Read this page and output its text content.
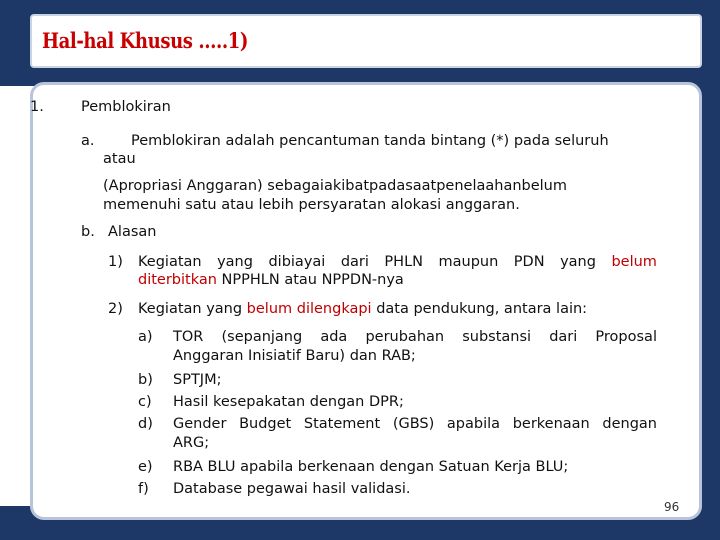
Hal-hal Khusus …..1)
1.	Pemblokiran
a.	Pemblokiran adalah pencantuman tanda bintang (*) pada seluruh
atau
(Apropriasi Anggaran) sebagaiakibatpadasaatpenelaahanbelum
memenuhi satu atau lebih persyaratan alokasi anggaran.
b. Alasan
1) Kegiatan yang dibiayai dari PHLN maupun PDN yang belum
diterbitkan NPPHLN atau NPPDN-nya
2) Kegiatan yang belum dilengkapi data pendukung, antara lain:
a) TOR (sepanjang ada perubahan substansi dari Proposal
Anggaran Inisiatif Baru) dan RAB;
b) SPTJM;
c) Hasil kesepakatan dengan DPR;
d) Gender Budget Statement (GBS) apabila berkenaan dengan
ARG;
e) RBA BLU apabila berkenaan dengan Satuan Kerja BLU;
f) Database pegawai hasil validasi.
96
